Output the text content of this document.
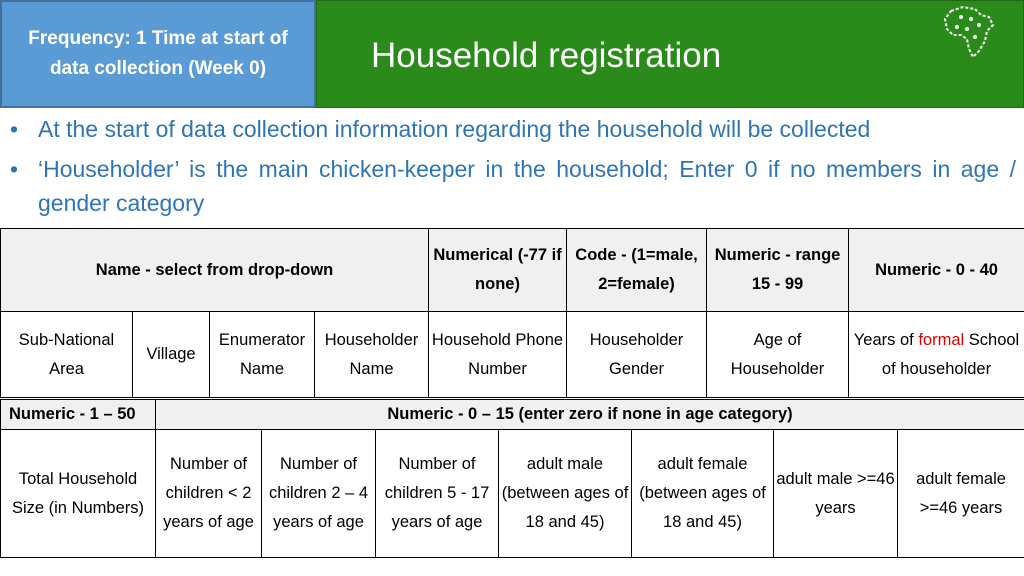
Frequency: 1 Time at start of data collection (Week 0)	Household registration
• At the start of data collection information regarding the household will be collected
• ‘Householder’ is the main chicken-keeper in the household; Enter 0 if no members in age / gender category
Name - select from drop-down				Numerical (-77 if none)	Code - (1=male, 2=female)	Numeric - range 15 - 99	Numeric - 0 - 40
Sub-National Area	Village	Enumerator Name	Householder Name	Household Phone Number	Householder Gender	Age of Householder	Years of formal School of householder
Numeric - 1 – 50	Numeric - 0 – 15 (enter zero if none in age category)						
Total Household Size (in Numbers)	Number of children < 2 years of age	Number of children 2 – 4 years of age	Number of children 5 - 17 years of age	adult male (between ages of 18 and 45)	adult female (between ages of 18 and 45)	adult male >=46 years	adult female >=46 years
